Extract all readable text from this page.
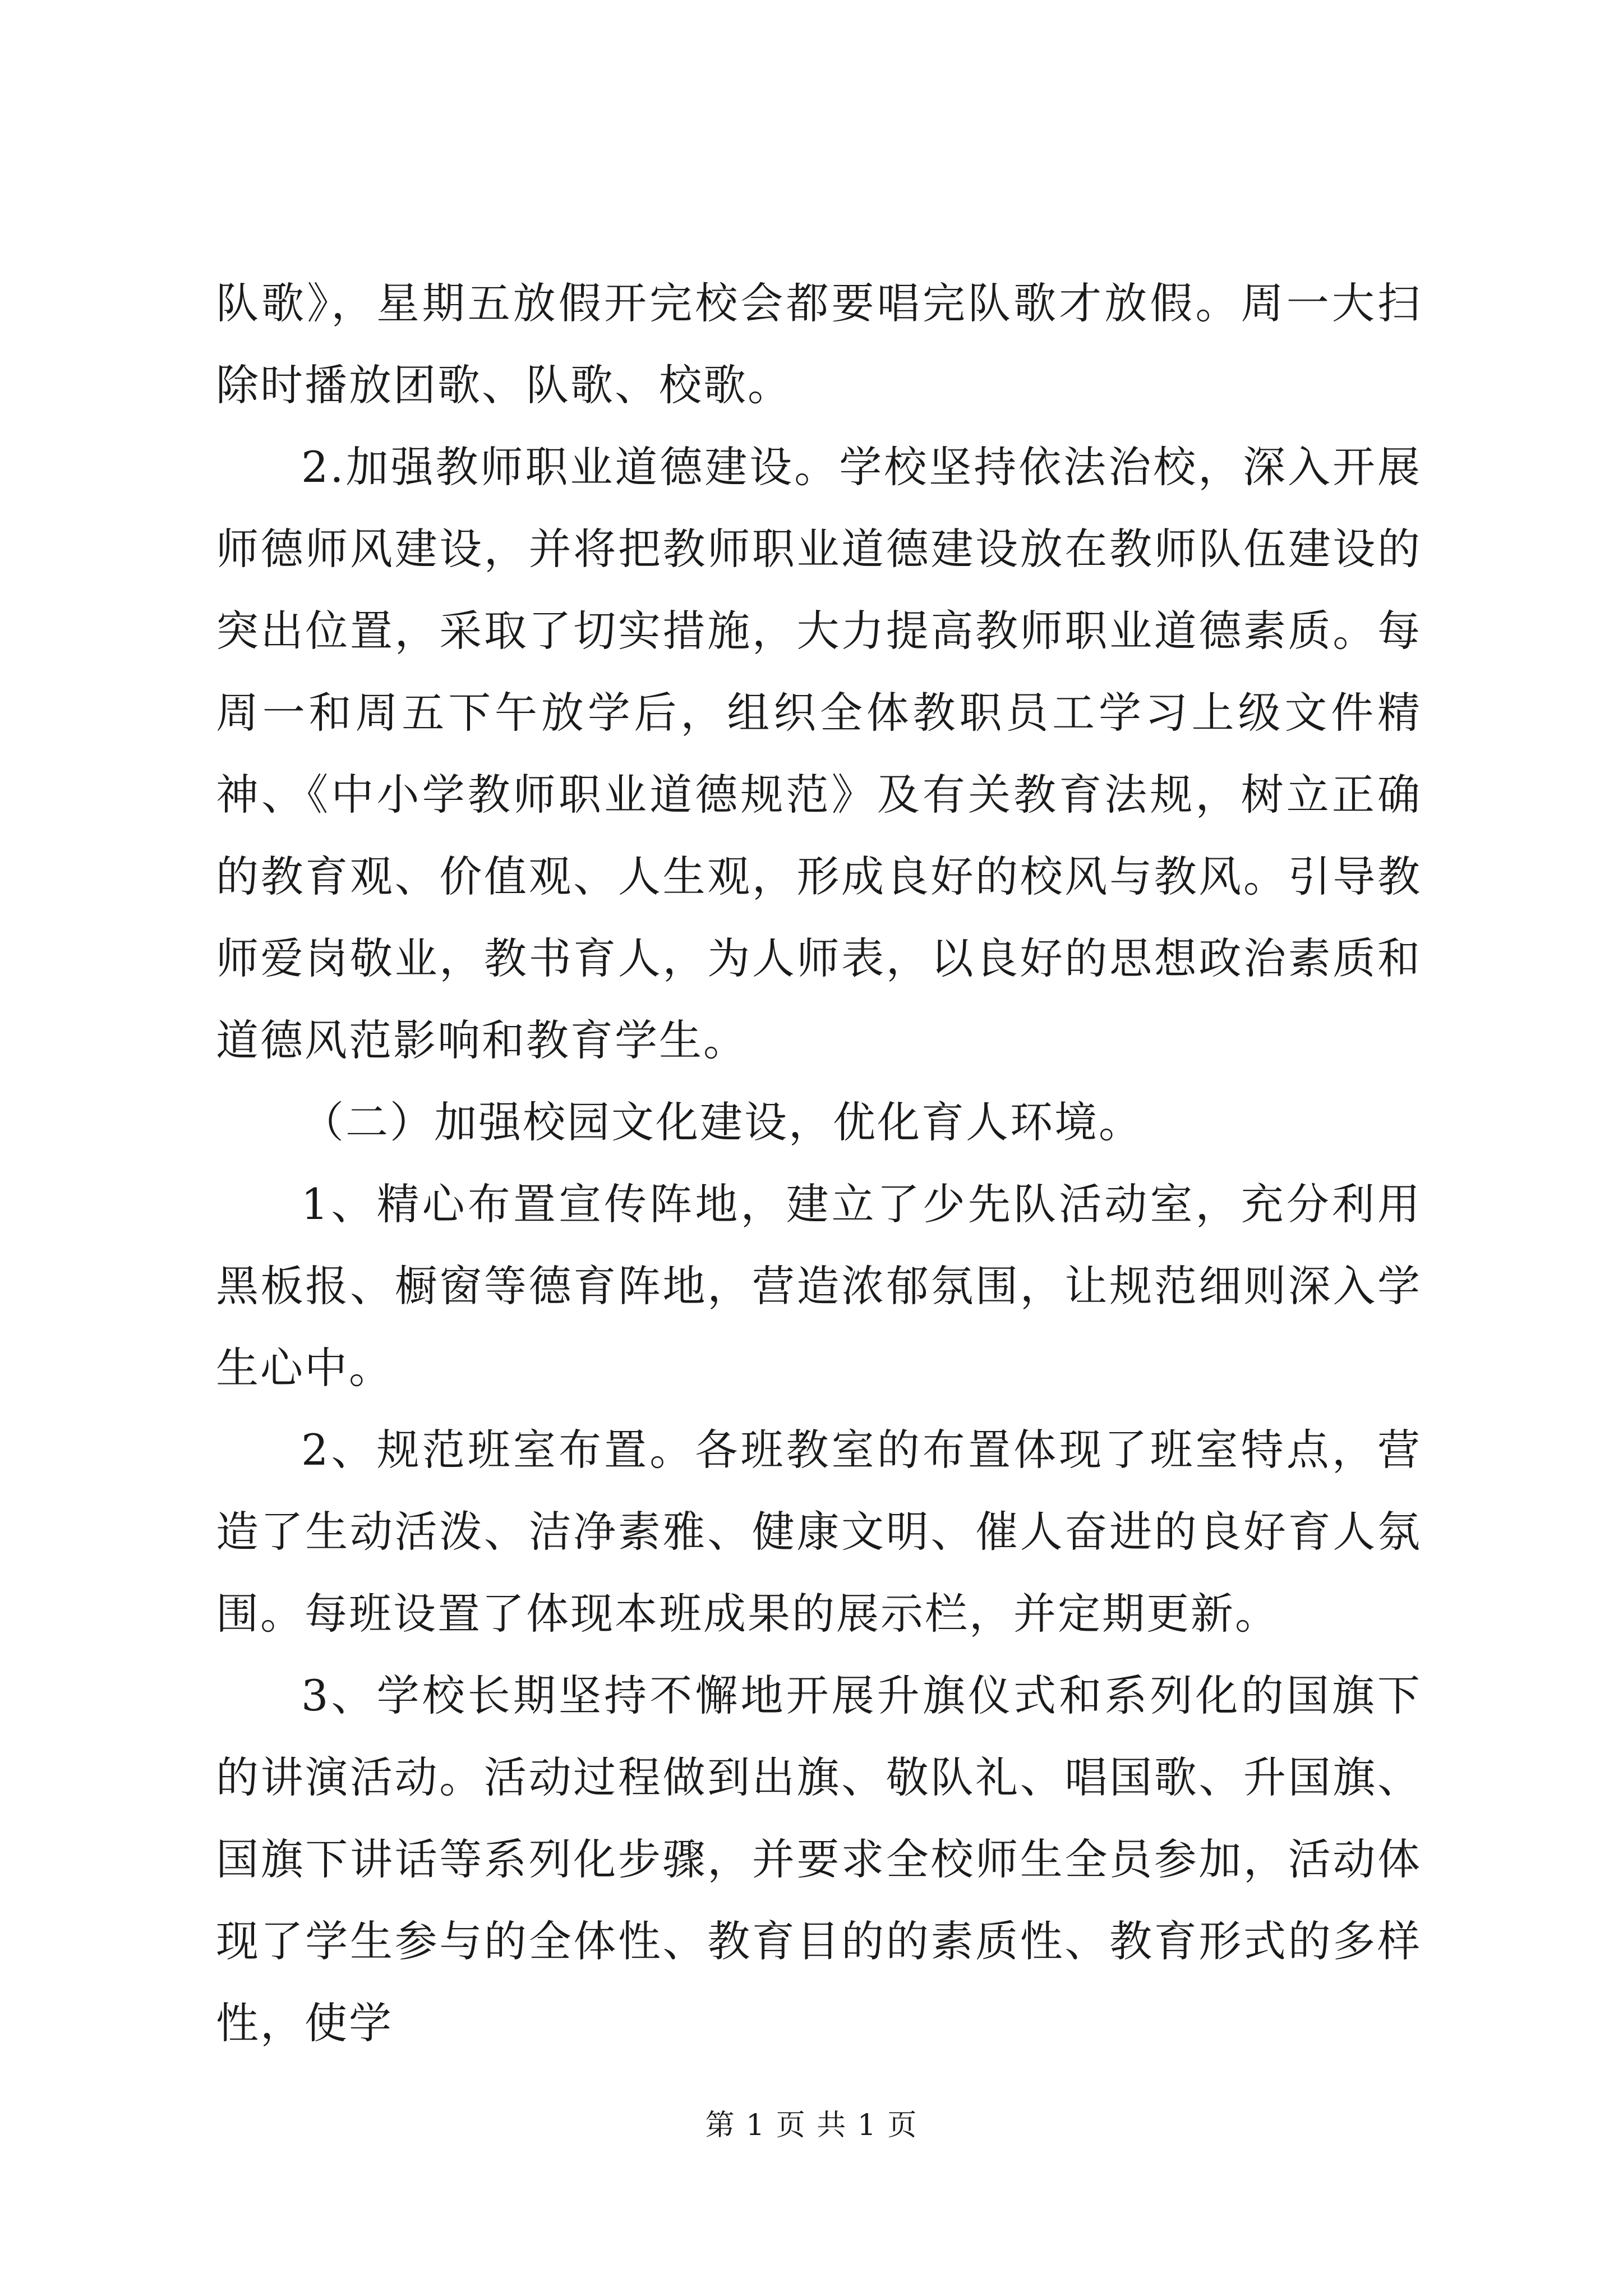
队歌》，星期五放假开完校会都要唱完队歌才放假。周一大扫除时播放团歌、队歌、校歌。

2.加强教师职业道德建设。学校坚持依法治校，深入开展师德师风建设，并将把教师职业道德建设放在教师队伍建设的突出位置，采取了切实措施，大力提高教师职业道德素质。每周一和周五下午放学后，组织全体教职员工学习上级文件精神、《中小学教师职业道德规范》及有关教育法规，树立正确的教育观、价值观、人生观，形成良好的校风与教风。引导教师爱岗敬业，教书育人，为人师表，以良好的思想政治素质和道德风范影响和教育学生。

（二）加强校园文化建设，优化育人环境。

1、精心布置宣传阵地，建立了少先队活动室，充分利用黑板报、橱窗等德育阵地，营造浓郁氛围，让规范细则深入学生心中。

2、规范班室布置。各班教室的布置体现了班室特点，营造了生动活泼、洁净素雅、健康文明、催人奋进的良好育人氛围。每班设置了体现本班成果的展示栏，并定期更新。

3、学校长期坚持不懈地开展升旗仪式和系列化的国旗下的讲演活动。活动过程做到出旗、敬队礼、唱国歌、升国旗、国旗下讲话等系列化步骤，并要求全校师生全员参加，活动体现了学生参与的全体性、教育目的的素质性、教育形式的多样性，使学

第 1 页 共 1 页
